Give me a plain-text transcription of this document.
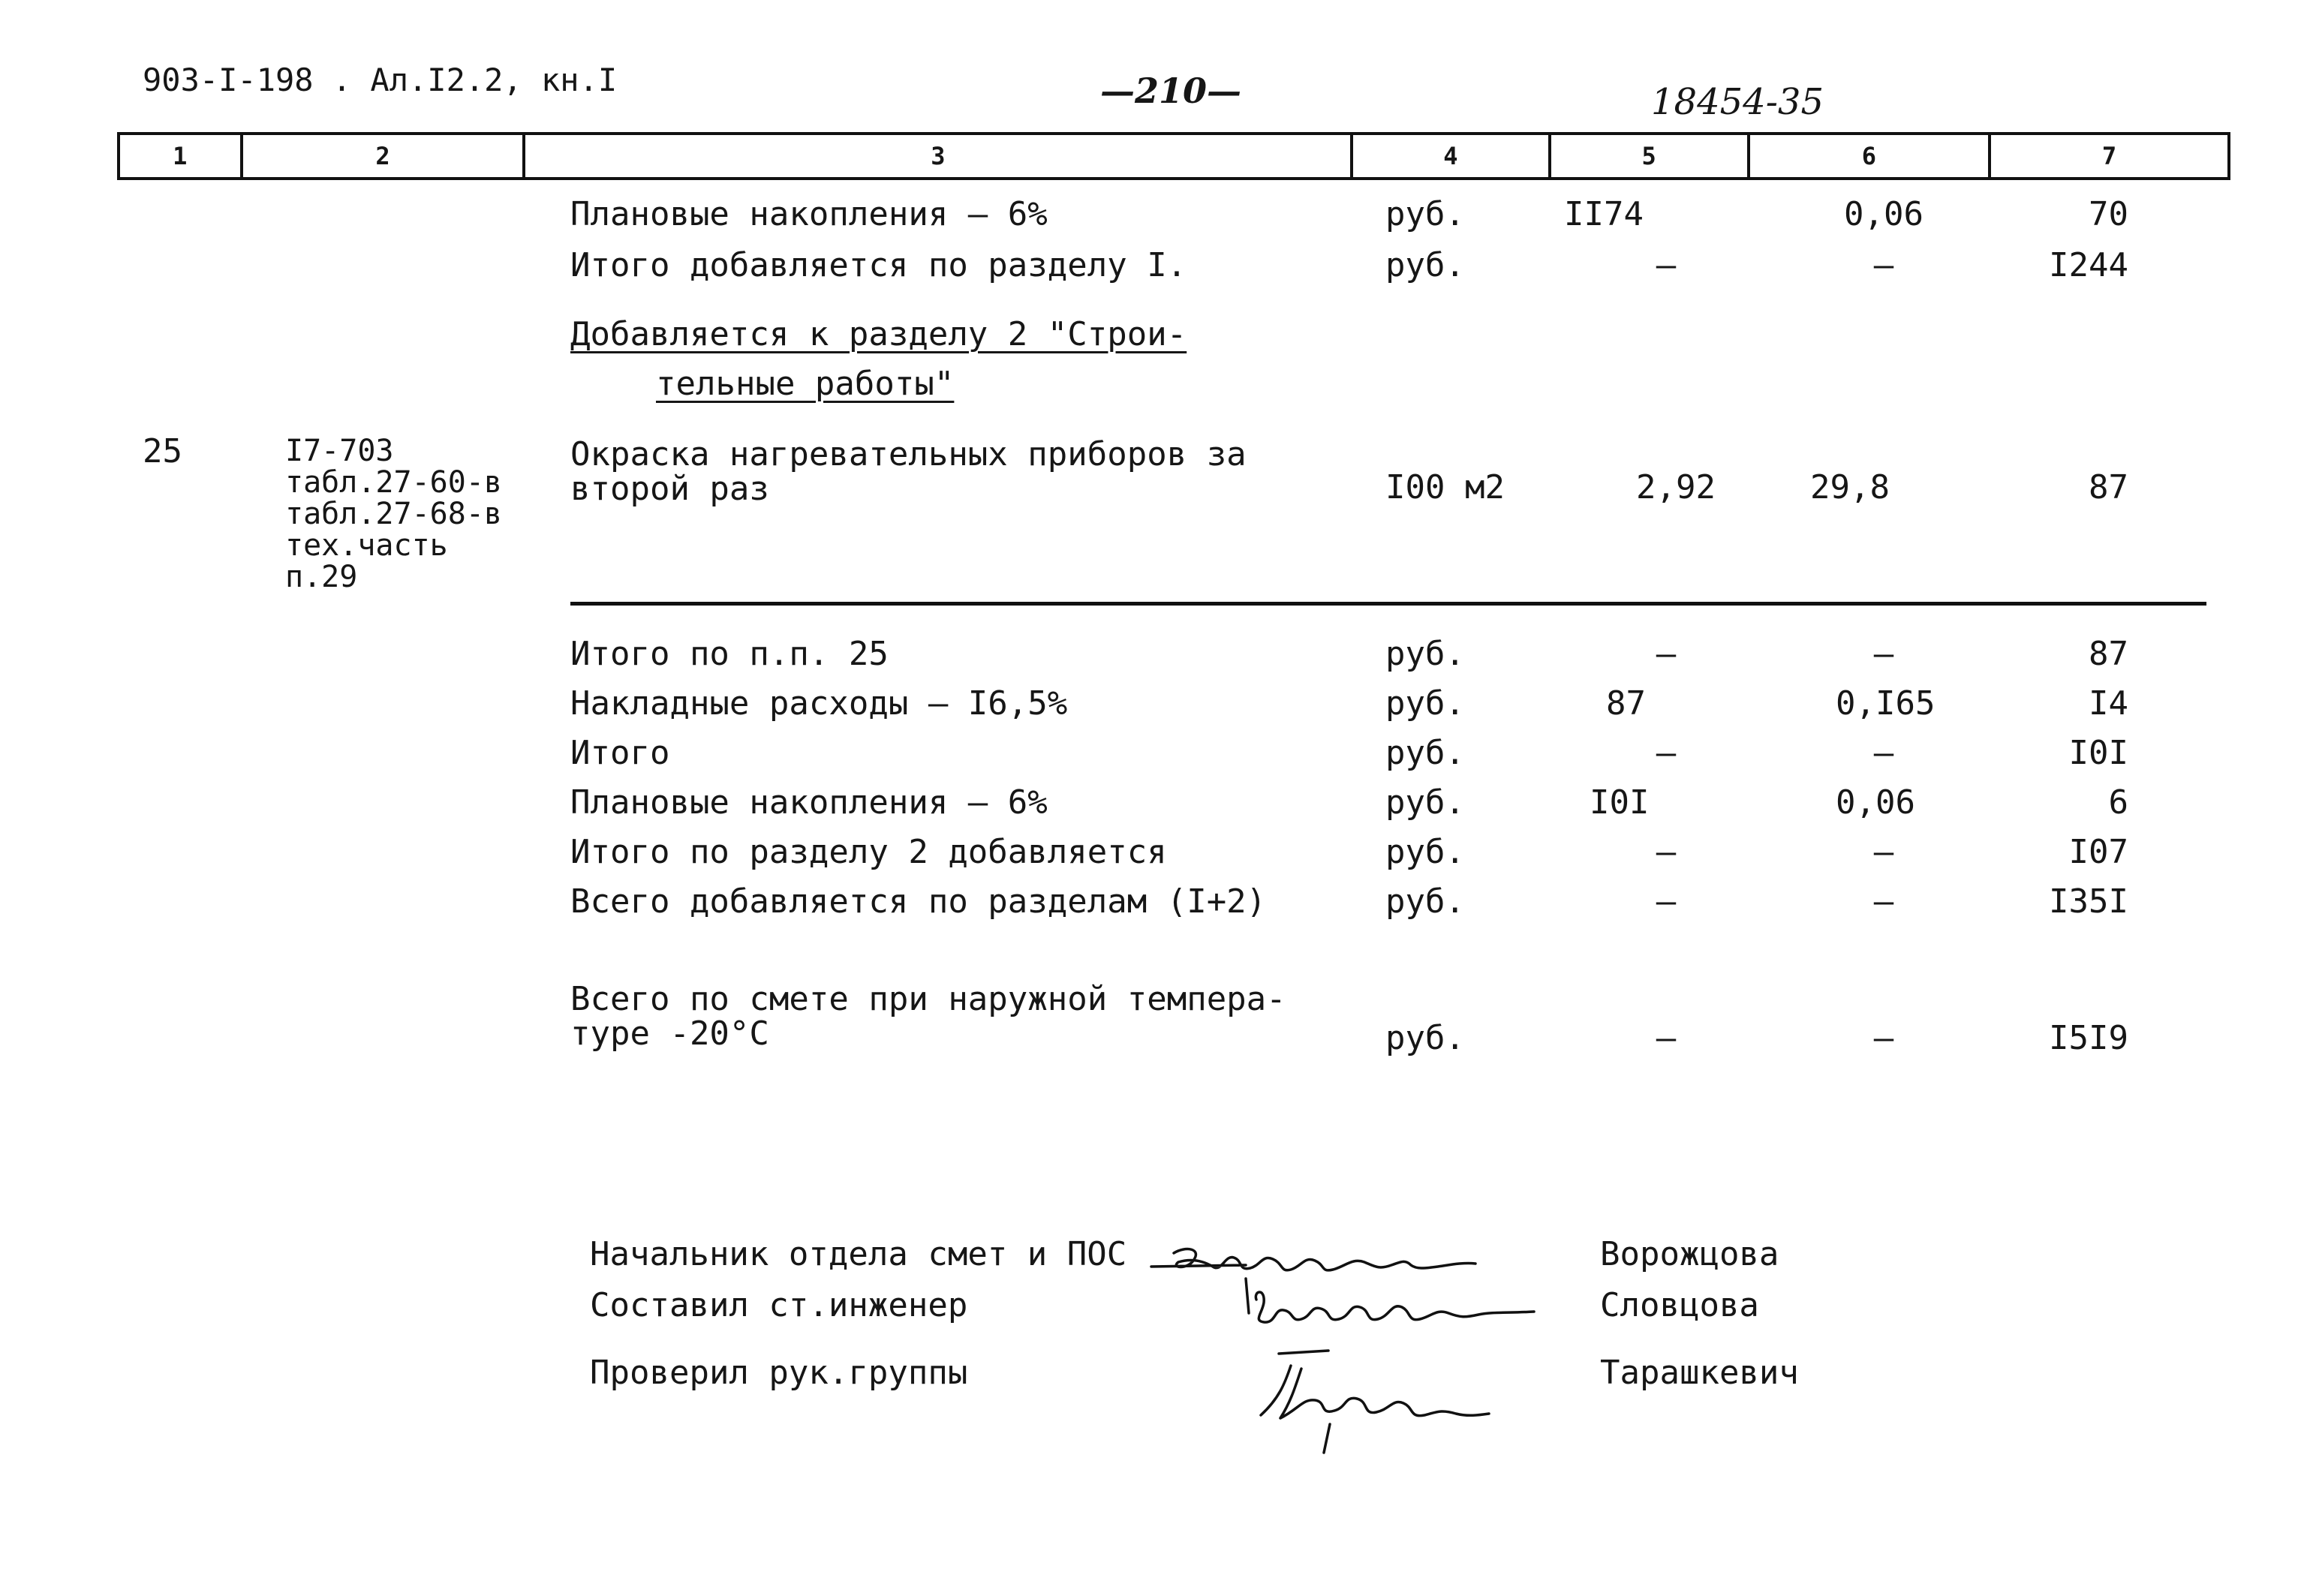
903-I-198 . Ал.I2.2, кн.I	—210—	18454-35
1	2	3	4	5	6	7
Плановые накопления – 6%	руб.	II74	0,06	70
Итого добавляется по разделу I.	руб.	–	–	I244
Добавляется к разделу 2 "Строи-
тельные работы"
25	I7-703
табл.27-60-в
табл.27-68-в
тех.часть
п.29
Окраска нагревательных приборов за
второй раз	I00 м2	2,92	29,8	87
Итого по п.п. 25	руб.	–	–	87
Накладные расходы – I6,5%	руб.	87	0,I65	I4
Итого	руб.	–	–	I0I
Плановые накопления – 6%	руб.	I0I	0,06	6
Итого по разделу 2 добавляется	руб.	–	–	I07
Всего добавляется по разделам (I+2)	руб.	–	–	I35I
Всего по смете при наружной темпера-
туре -20°C	руб.	–	–	I5I9
Начальник отдела смет и ПОС	Ворожцова
Составил ст.инженер	Словцова
Проверил рук.группы	Тарашкевич
